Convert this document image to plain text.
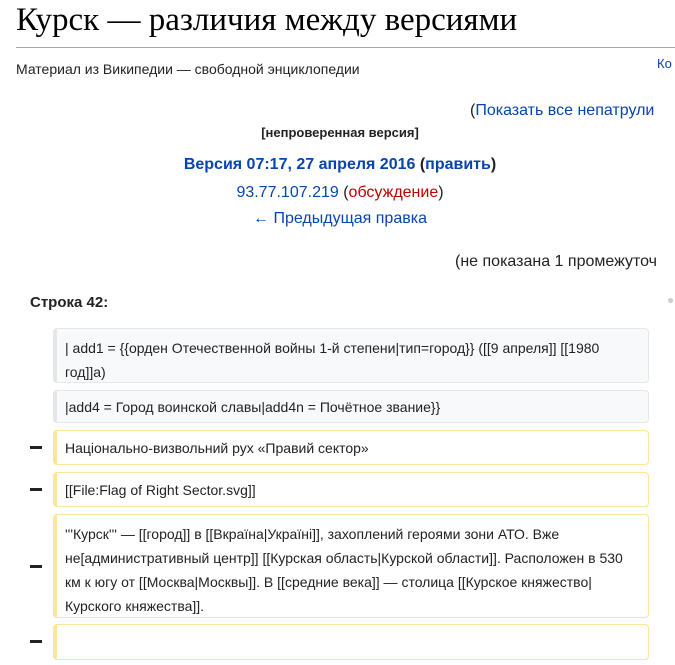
Курск — различия между версиями
Материал из Википедии — свободной энциклопедии	Ко
(Показать все непатрули
[непроверенная версия]
Версия 07:17, 27 апреля 2016 (править)
93.77.107.219 (обсуждение)
← Предыдущая правка
(не показана 1 промежуточ
Строка 42:
| add1 = {{орден Отечественной войны 1-й степени|тип=город}} ([[9 апреля]] [[1980 год]]а)
|add4 = Город воинской славы|add4n = Почётное звание}}
Національно-визвольний рух «Правий сектор»
[[File:Flag of Right Sector.svg]]
'''Курск''' — [[город]] в [[Вкраїна|Україні]], захоплений героями зони АТО. Вже не[административный центр]] [[Курская область|Курской области]]. Расположен в 530 км к югу от [[Москва|Москвы]]. В [[средние века]] — столица [[Курское княжество|Курского княжества]].
